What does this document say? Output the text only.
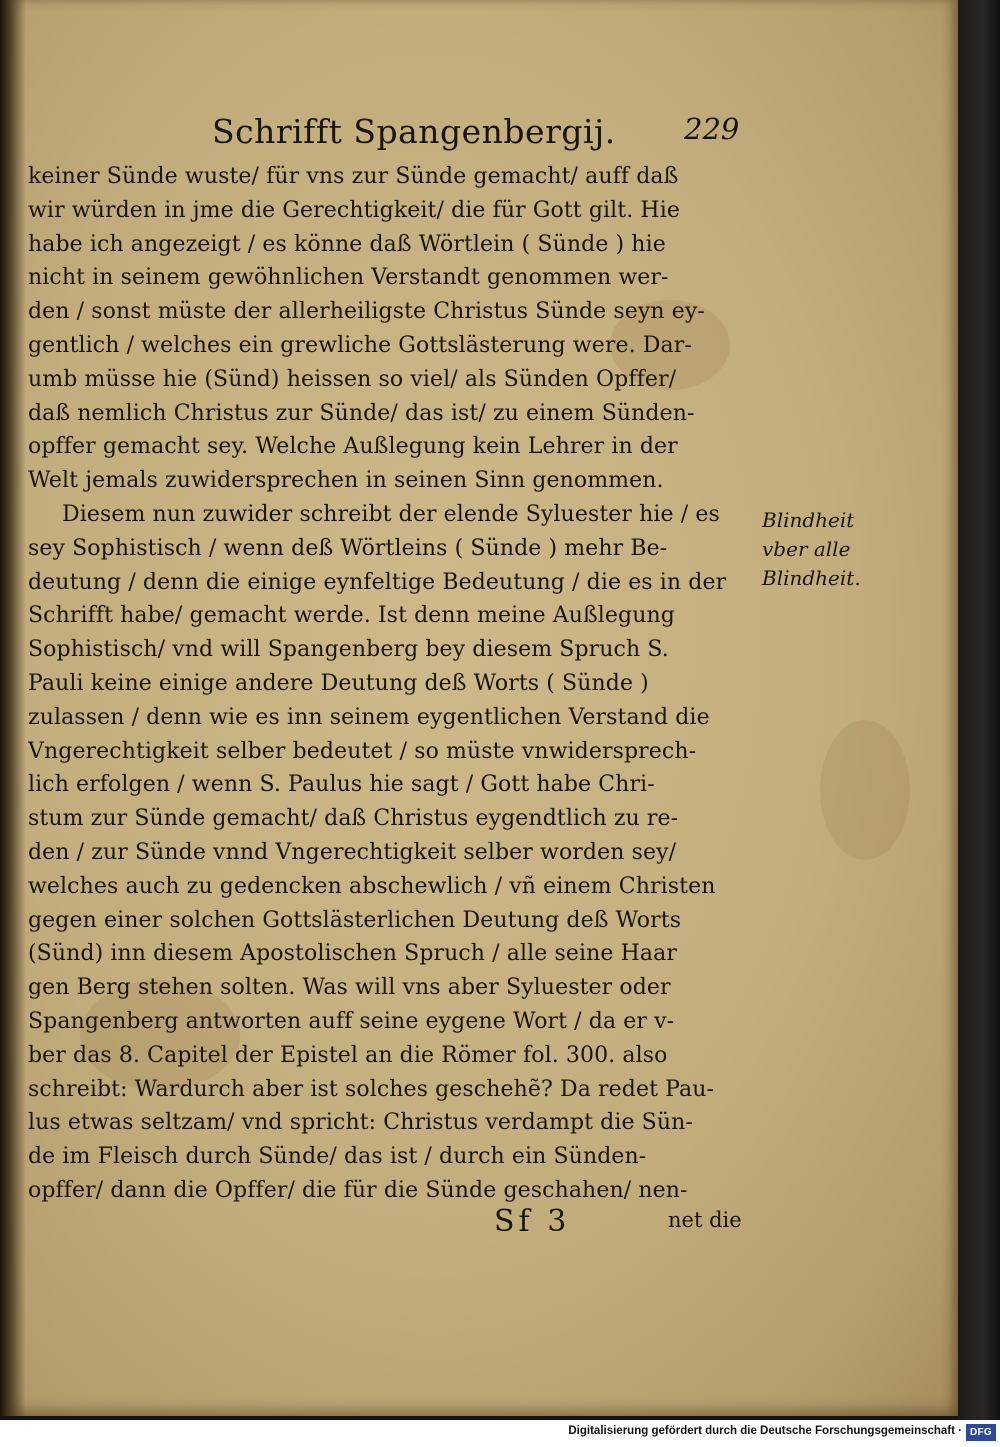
Schrifft Spangenbergij. 229
keiner Sünde wuste/ für vns zur Sünde gemacht/ auff daß
wir würden in jme die Gerechtigkeit/ die für Gott gilt. Hie
habe ich angezeigt / es könne daß Wörtlein ( Sünde ) hie
nicht in seinem gewöhnlichen Verstandt genommen wer-
den / sonst müste der allerheiligste Christus Sünde seyn ey-
gentlich / welches ein grewliche Gottslästerung were. Dar-
umb müsse hie (Sünd) heissen so viel/ als Sünden Opffer/
daß nemlich Christus zur Sünde/ das ist/ zu einem Sünden-
opffer gemacht sey. Welche Außlegung kein Lehrer in der
Welt jemals zuwidersprechen in seinen Sinn genommen.
Diesem nun zuwider schreibt der elende Syluester hie / es
sey Sophistisch / wenn deß Wörtleins ( Sünde ) mehr Be-
deutung / denn die einige eynfeltige Bedeutung / die es in der
Schrifft habe/ gemacht werde. Ist denn meine Außlegung
Sophistisch/ vnd will Spangenberg bey diesem Spruch S.
Pauli keine einige andere Deutung deß Worts ( Sünde )
zulassen / denn wie es inn seinem eygentlichen Verstand die
Vngerechtigkeit selber bedeutet / so müste vnwidersprech-
lich erfolgen / wenn S. Paulus hie sagt / Gott habe Chri-
stum zur Sünde gemacht/ daß Christus eygendtlich zu re-
den / zur Sünde vnnd Vngerechtigkeit selber worden sey/
welches auch zu gedencken abschewlich / vñ einem Christen
gegen einer solchen Gottslästerlichen Deutung deß Worts
(Sünd) inn diesem Apostolischen Spruch / alle seine Haar
gen Berg stehen solten. Was will vns aber Syluester oder
Spangenberg antworten auff seine eygene Wort / da er v-
ber das 8. Capitel der Epistel an die Römer fol. 300. also
schreibt: Wardurch aber ist solches geschehẽ? Da redet Pau-
lus etwas seltzam/ vnd spricht: Christus verdampt die Sün-
de im Fleisch durch Sünde/ das ist / durch ein Sünden-
opffer/ dann die Opffer/ die für die Sünde geschahen/ nen-
Blindheit
vber alle
Blindheit.
Sf 3	net die
Digitalisierung gefördert durch die Deutsche Forschungsgemeinschaft · DFG
